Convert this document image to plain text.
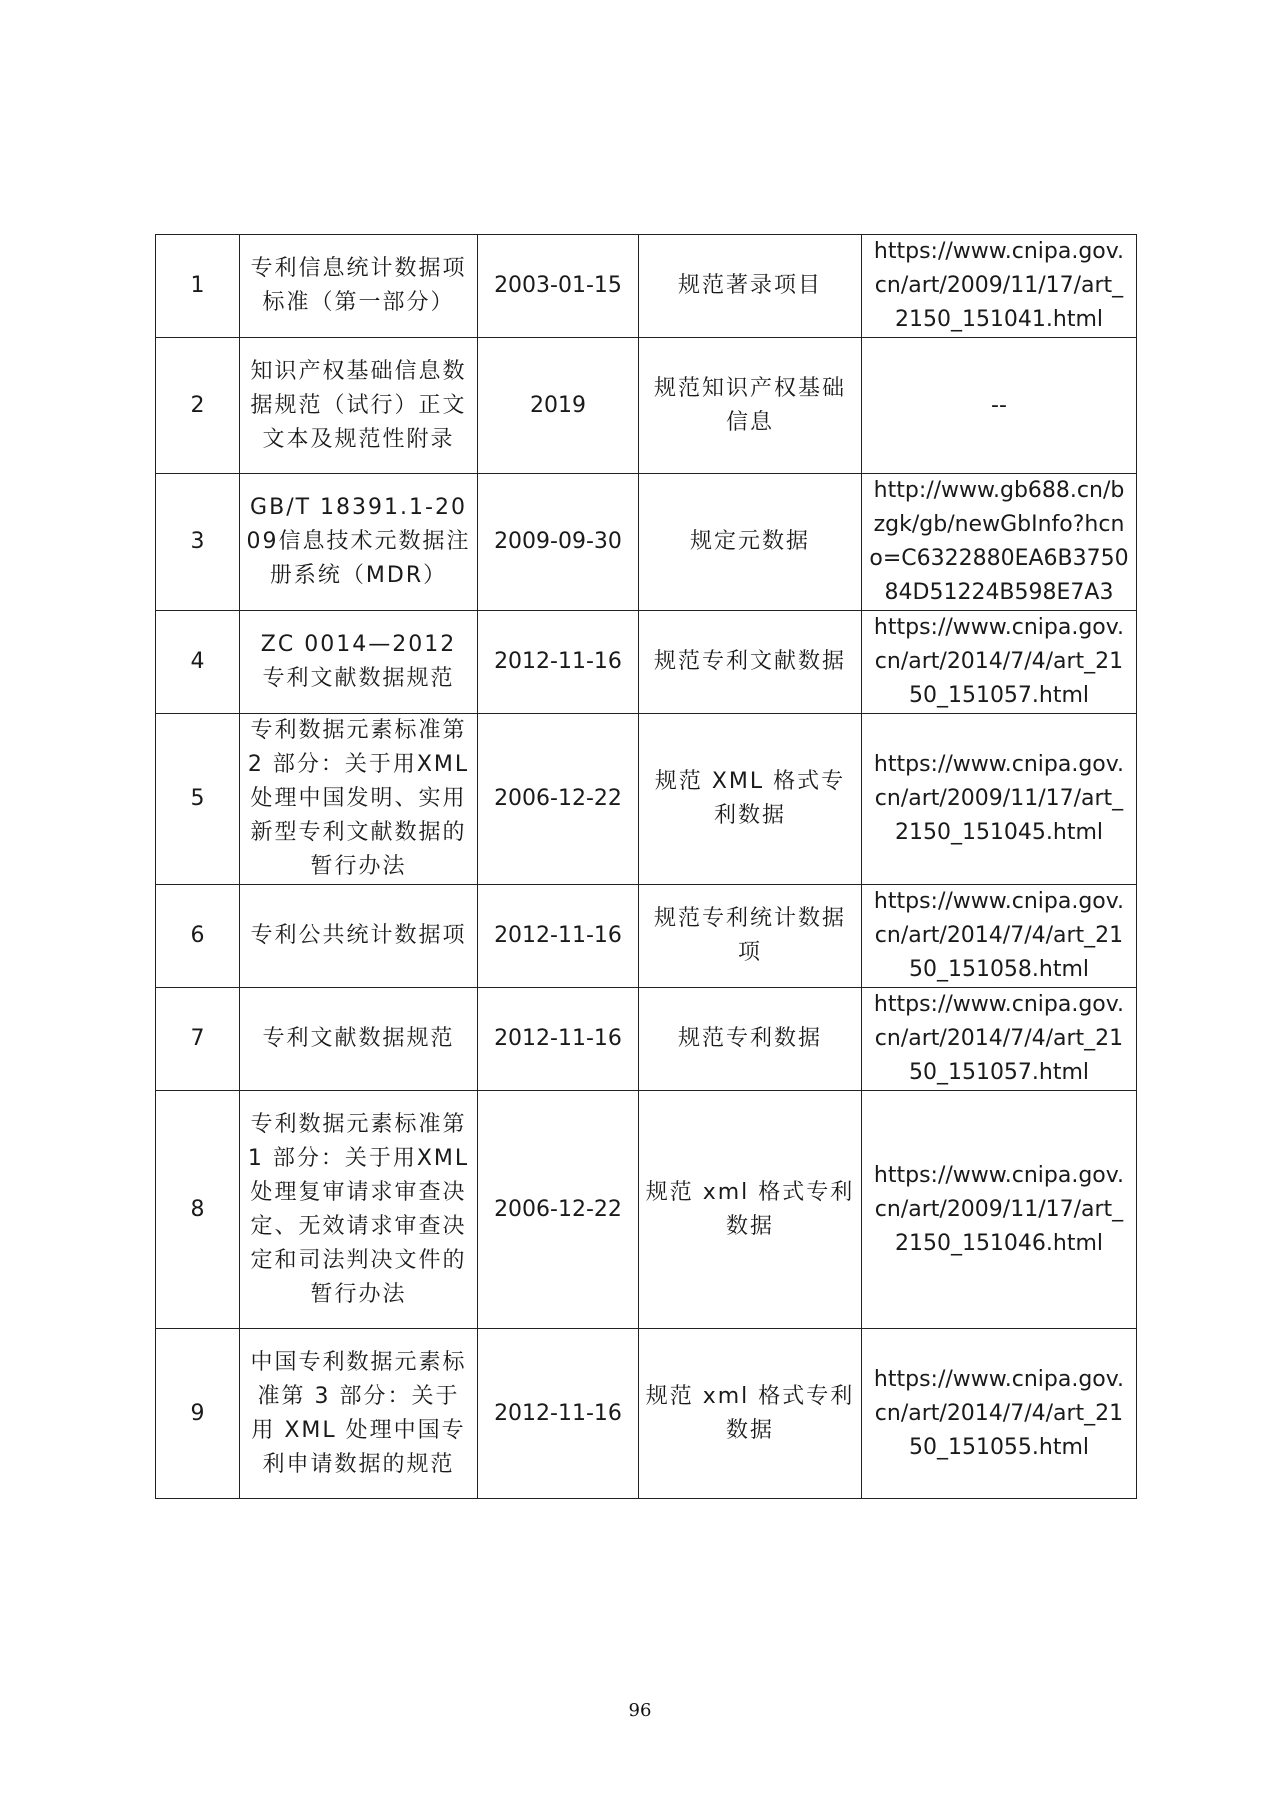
1	专利信息统计数据项标准（第一部分）	2003-01-15	规范著录项目	https://www.cnipa.gov.cn/art/2009/11/17/art_2150_151041.html
2	知识产权基础信息数据规范（试行）正文文本及规范性附录	2019	规范知识产权基础信息	--
3	GB/T 18391.1-2009信息技术元数据注册系统（MDR）	2009-09-30	规定元数据	http://www.gb688.cn/bzgk/gb/newGbInfo?hcno=C6322880EA6B375084D51224B598E7A3
4	ZC 0014—2012 专利文献数据规范	2012-11-16	规范专利文献数据	https://www.cnipa.gov.cn/art/2014/7/4/art_2150_151057.html
5	专利数据元素标准第 2 部分：关于用XML 处理中国发明、实用新型专利文献数据的暂行办法	2006-12-22	规范 XML 格式专利数据	https://www.cnipa.gov.cn/art/2009/11/17/art_2150_151045.html
6	专利公共统计数据项	2012-11-16	规范专利统计数据项	https://www.cnipa.gov.cn/art/2014/7/4/art_2150_151058.html
7	专利文献数据规范	2012-11-16	规范专利数据	https://www.cnipa.gov.cn/art/2014/7/4/art_2150_151057.html
8	专利数据元素标准第 1 部分：关于用XML 处理复审请求审查决定、无效请求审查决定和司法判决文件的暂行办法	2006-12-22	规范 xml 格式专利数据	https://www.cnipa.gov.cn/art/2009/11/17/art_2150_151046.html
9	中国专利数据元素标准第 3 部分：关于用 XML 处理中国专利申请数据的规范	2012-11-16	规范 xml 格式专利数据	https://www.cnipa.gov.cn/art/2014/7/4/art_2150_151055.html
96
